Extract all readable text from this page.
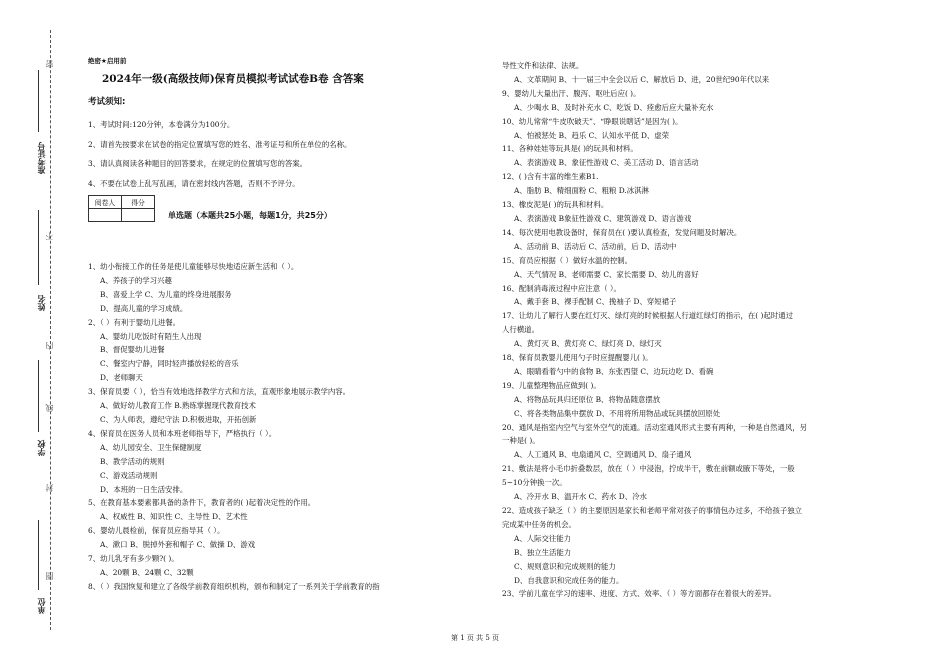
准考证号
姓名
学校
单位
密
不
内
线
封
圈
绝密★启用前
2024年一级(高级技师)保育员模拟考试试卷B卷 含答案
考试须知:
1、考试时间:120分钟，本卷满分为100分。
2、请首先按要求在试卷的指定位置填写您的姓名、准考证号和所在单位的名称。
3、请认真阅读各种题目的回答要求，在规定的位置填写您的答案。
4、不要在试卷上乱写乱画，请在密封线内答题，否则不予评分。
阅卷人	得分

单选题（本题共25小题，每题1分，共25分）
1、幼小衔接工作的任务是使儿童能够尽快地适应新生活和（ ）。
A、养孩子的学习兴趣
B、喜爱上学 C、为儿童的终身进展服务
D、提高儿童的学习成绩。
2、（ ）有利于婴幼儿进餐。
A、婴幼儿吃饭时有陌生人出现
B、督促婴幼儿进餐
C、餐室内宁静，同时轻声播放轻松的音乐
D、老师聊天
3、保育员要（ ），恰当有效地选择教学方式和方法，直观形象地展示教学内容。
A、做好幼儿教育工作 B.熟练掌握现代教育技术
C、为人师表，遵纪守法 D.积极进取，开拓创新
4、保育员在医务人员和本班老师指导下，严格执行（ ）。
A、幼儿园安全、卫生保健制度
B、教学活动的规则
C、游戏活动规则
D、本班的一日生活安排。
5、在教育基本要素都具备的条件下，教育者的( )起着决定性的作用。
A、权威性 B、知识性 C、主导性 D、艺术性
6、婴幼儿晨检前，保育员应指导其（ ）。
A、漱口 B、脱掉外套和帽子 C、做操 D、游戏
7、幼儿乳牙有多少颗?( )。
A、20颗 B、24颗 C、32颗
8、（ ）我国恢复和建立了各级学前教育组织机构，颁布和制定了一系列关于学前教育的指
导性文件和法律、法规。
A、文革期间 B、十一届三中全会以后 C、解放后 D、进，20世纪90年代以来
9、婴幼儿大量出汗、腹泻、呕吐后应( )。
A、少喝水 B、及时补充水 C、吃饭 D、痊愈后应大量补充水
10、幼儿常常“牛皮吹破天”、“睁眼说瞎话”是因为( )。
A、怕被惩处 B、趋乐 C、认知水平低 D、虚荣
11、各种娃娃等玩具是( )的玩具和材料。
A、表演游戏 B、象征性游戏 C、美工活动 D、语言活动
12、( )含有丰富的维生素B1.
A、脂肪 B、精细面粉 C、粗粮 D.冰淇淋
13、橡皮泥是( )的玩具和材料。
A、表演游戏 B象征性游戏 C、建筑游戏 D、语言游戏
14、每次使用电教设备时，保育员在( )要认真检查，发觉问题及时解决。
A、活动前 B、活动后 C、活动前，后 D、活动中
15、育员应根据（ ）做好水温的控制。
A、天气情况 B、老师需要 C、家长需要 D、幼儿的喜好
16、配制消毒液过程中应注意（ ）。
A、戴手套 B、裸手配制 C、挽袖子 D、穿短裙子
17、让幼儿了解行人要在红灯灭、绿灯亮的时候根据人行道红绿灯的指示，在( )起时通过
人行横道。
A、黄灯灭 B、黄灯亮 C、绿灯亮 D、绿灯灭
18、保育员教婴儿使用勺子时应提醒婴儿( )。
A、眼睛看着勺中的食物 B、东张西望 C、边玩边吃 D、看碗
19、儿童整理物品应做到( )。
A、将物品玩具归还原位 B、将物品随意摆放
C、将各类物品集中摆放 D、不用将所用物品或玩具摆放回原处
20、通风是指室内空气与室外空气的流通。活动室通风形式主要有两种，一种是自然通风，另
一种是( )。
A、人工通风 B、电扇通风 C、空调通风 D、扇子通风
21、敷法是将小毛巾折叠数层，放在（ ）中浸泡，拧成半干，敷在前额或腋下等处，一般
5~10分钟换一次。
A、冷开水 B、温开水 C、药水 D、冷水
22、造成孩子缺乏（ ）的主要原因是家长和老师平常对孩子的事情包办过多，不给孩子独立
完成某中任务的机会。
A、人际交往能力
B、独立生活能力
C、规则意识和完成规则的能力
D、自我意识和完成任务的能力。
23、学前儿童在学习的速率、进度、方式、效率、（ ）等方面都存在着很大的差异。
第 1 页 共 5 页
